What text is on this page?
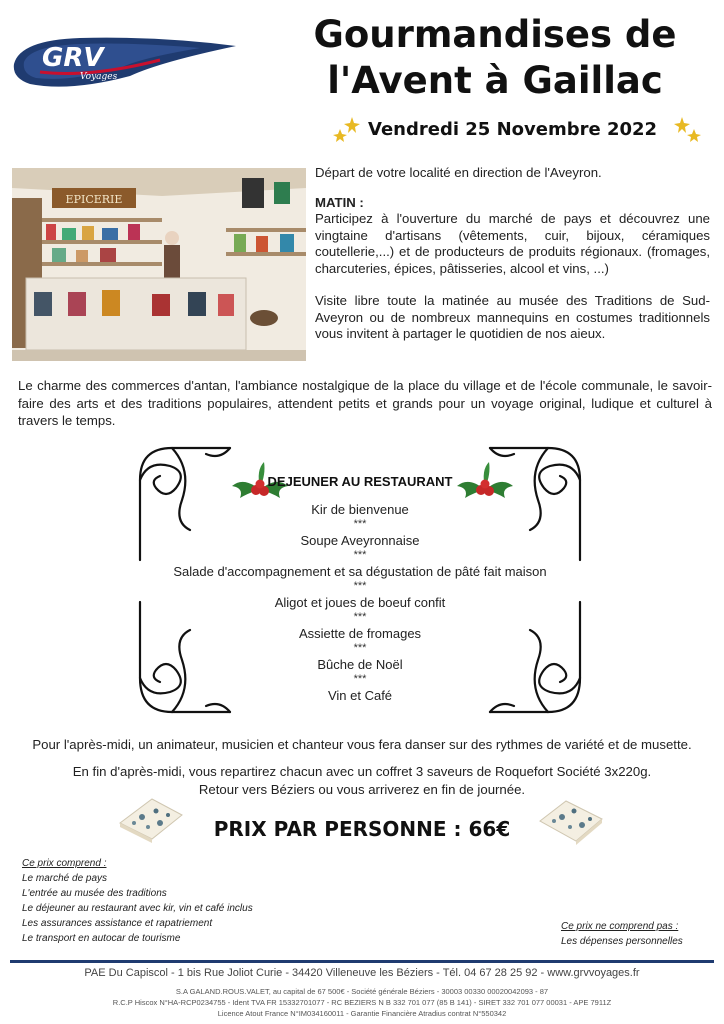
GRV
Voyages
Gourmandises de
l'Avent à Gaillac
Vendredi 25 Novembre 2022
EPICERIE

Départ de votre localité en direction de l'Aveyron.

MATIN :

Participez à l'ouverture du marché de pays et découvrez une vingtaine d'artisans (vêtements, cuir, bijoux, céramiques coutellerie,...) et de producteurs de produits régionaux. (fromages, charcuteries, épices, pâtisseries, alcool et vins, ...)

Visite libre toute la matinée au musée des Traditions de Sud-Aveyron ou de nombreux mannequins en costumes traditionnels vous invitent à partager le quotidien de nos aieux.

Le charme des commerces d'antan, l'ambiance nostalgique de la place du village et de l'école communale, le savoir-faire des arts et des traditions populaires, attendent petits et grands pour un voyage original, ludique et culturel à travers le temps.

DEJEUNER AU RESTAURANT
Kir de bienvenue
***
Soupe Aveyronnaise
***
Salade d'accompagnement et sa dégustation de pâté fait maison
***
Aligot et joues de boeuf confit
***
Assiette de fromages
***
Bûche de Noël
***
Vin et Café
Pour l'après-midi, un animateur, musicien et chanteur vous fera danser sur des rythmes de variété et de musette.
En fin d'après-midi, vous repartirez chacun avec un coffret 3 saveurs de Roquefort Société 3x220g.
Retour vers Béziers ou vous arriverez en fin de journée.
PRIX PAR PERSONNE : 66€
Ce prix comprend :
Le marché de pays
L'entrée au musée des traditions
Le déjeuner au restaurant avec kir, vin et café inclus
Les assurances assistance et rapatriement
Le transport en autocar de tourisme
Ce prix ne comprend pas :
Les dépenses personnelles
PAE Du Capiscol - 1 bis Rue Joliot Curie - 34420 Villeneuve les Béziers - Tél. 04 67 28 25 92 - www.grvvoyages.fr
S.A GALAND.ROUS.VALET, au capital de 67 500€ - Société générale Béziers - 30003 00330 00020042093 - 87
R.C.P Hiscox N°HA-RCP0234755 - Ident TVA FR 15332701077 - RC BEZIERS N B 332 701 077 (85 B 141) - SIRET 332 701 077 00031 - APE 7911Z
Licence Atout France N°IM034160011 - Garantie Financière Atradius contrat N°550342
